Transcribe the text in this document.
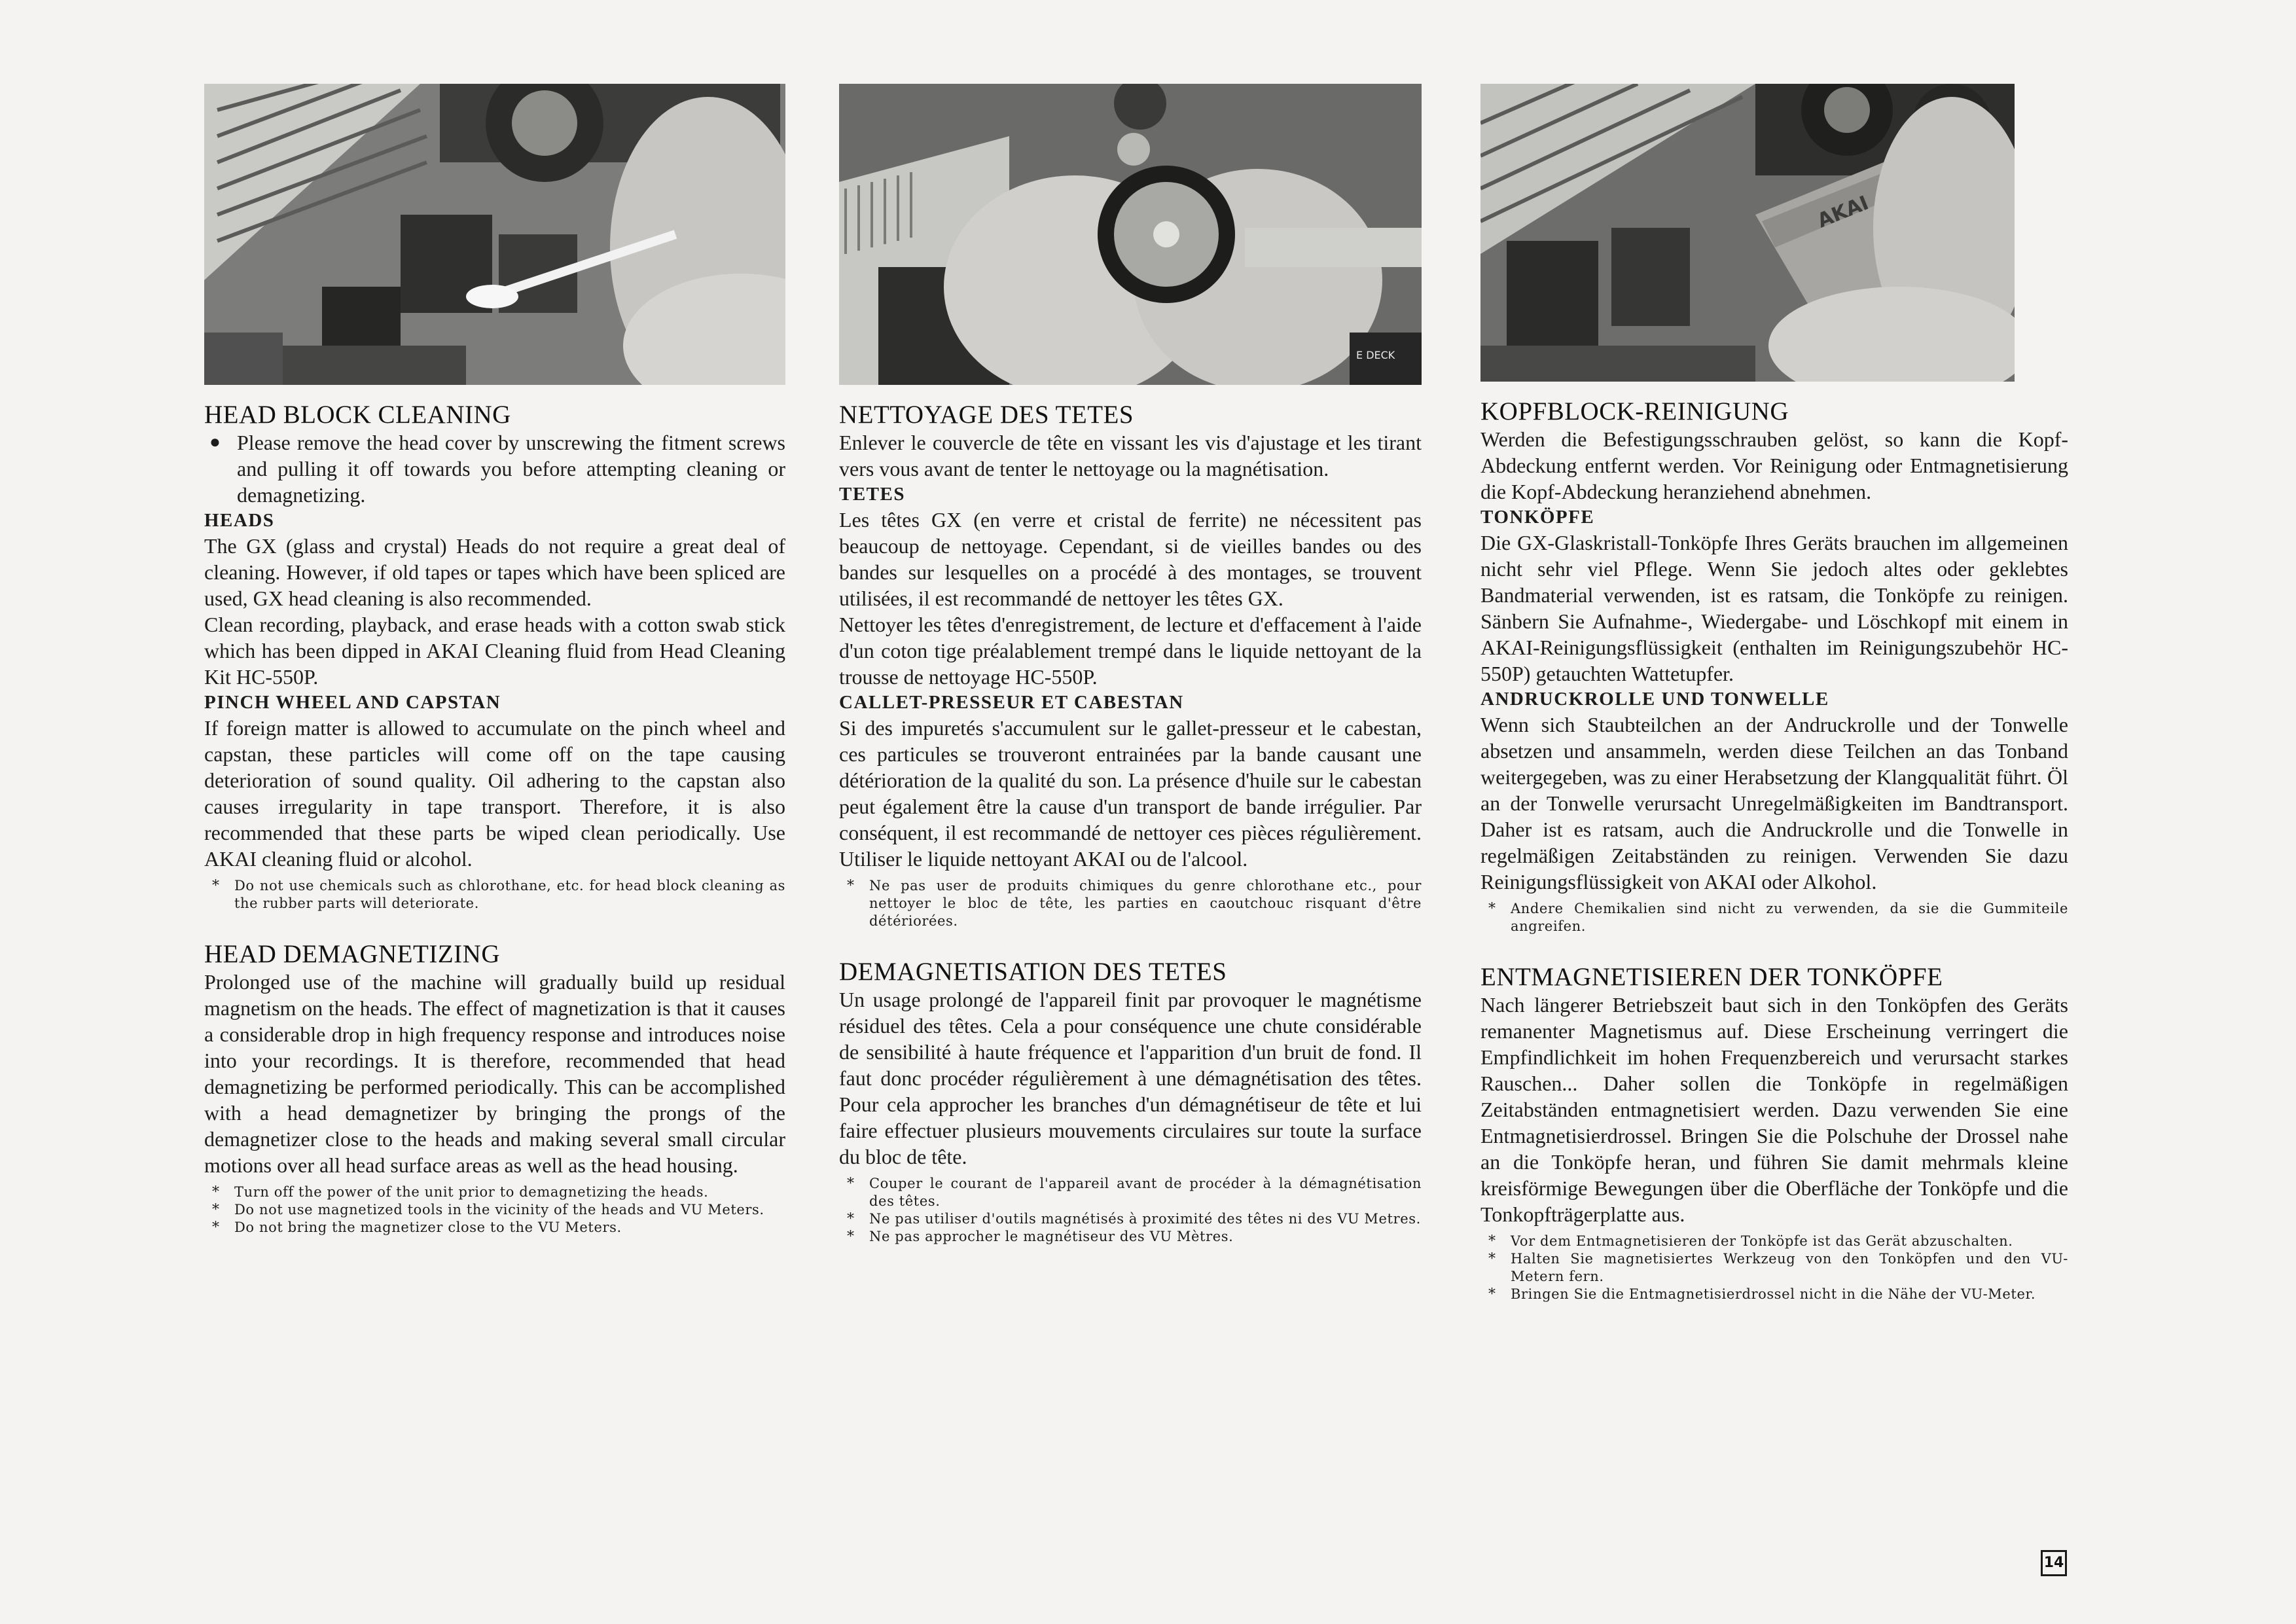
HEAD BLOCK CLEANING
● Please remove the head cover by unscrewing the fitment screws and pulling it off towards you before attempting cleaning or demagnetizing.
HEADS

The GX (glass and crystal) Heads do not require a great deal of cleaning. However, if old tapes or tapes which have been spliced are used, GX head cleaning is also recommended.

Clean recording, playback, and erase heads with a cotton swab stick which has been dipped in AKAI Cleaning fluid from Head Cleaning Kit HC-550P.

PINCH WHEEL AND CAPSTAN

If foreign matter is allowed to accumulate on the pinch wheel and capstan, these particles will come off on the tape causing deterioration of sound quality. Oil adhering to the capstan also causes irregularity in tape transport. Therefore, it is also recommended that these parts be wiped clean periodically. Use AKAI cleaning fluid or alcohol.

* Do not use chemicals such as chlorothane, etc. for head block cleaning as the rubber parts will deteriorate.
HEAD DEMAGNETIZING

Prolonged use of the machine will gradually build up residual magnetism on the heads. The effect of magnetization is that it causes a considerable drop in high frequency response and introduces noise into your recordings. It is therefore, recommended that head demagnetizing be performed periodically. This can be accomplished with a head demagnetizer by bringing the prongs of the demagnetizer close to the heads and making several small circular motions over all head surface areas as well as the head housing.

* Turn off the power of the unit prior to demagnetizing the heads.
* Do not use magnetized tools in the vicinity of the heads and VU Meters.
* Do not bring the magnetizer close to the VU Meters.
E DECK
NETTOYAGE DES TETES

Enlever le couvercle de tête en vissant les vis d'ajustage et les tirant vers vous avant de tenter le nettoyage ou la magnétisation.

TETES

Les têtes GX (en verre et cristal de ferrite) ne nécessitent pas beaucoup de nettoyage. Cependant, si de vieilles bandes ou des bandes sur lesquelles on a procédé à des montages, se trouvent utilisées, il est recommandé de nettoyer les têtes GX.

Nettoyer les têtes d'enregistrement, de lecture et d'effacement à l'aide d'un coton tige préalablement trempé dans le liquide nettoyant de la trousse de nettoyage HC-550P.

CALLET-PRESSEUR ET CABESTAN

Si des impuretés s'accumulent sur le gallet-presseur et le cabestan, ces particules se trouveront entrainées par la bande causant une détérioration de la qualité du son. La présence d'huile sur le cabestan peut également être la cause d'un transport de bande irrégulier. Par conséquent, il est recommandé de nettoyer ces pièces régulièrement. Utiliser le liquide nettoyant AKAI ou de l'alcool.

* Ne pas user de produits chimiques du genre chlorothane etc., pour nettoyer le bloc de tête, les parties en caoutchouc risquant d'être détériorées.
DEMAGNETISATION DES TETES

Un usage prolongé de l'appareil finit par provoquer le magnétisme résiduel des têtes. Cela a pour conséquence une chute considérable de sensibilité à haute fréquence et l'apparition d'un bruit de fond. Il faut donc procéder régulièrement à une démagnétisation des têtes. Pour cela approcher les branches d'un démagnétiseur de tête et lui faire effectuer plusieurs mouvements circulaires sur toute la surface du bloc de tête.

* Couper le courant de l'appareil avant de procéder à la démagnétisation des têtes.
* Ne pas utiliser d'outils magnétisés à proximité des têtes ni des VU Metres.
* Ne pas approcher le magnétiseur des VU Mètres.
AKAI
KOPFBLOCK-REINIGUNG

Werden die Befestigungsschrauben gelöst, so kann die Kopf-Abdeckung entfernt werden. Vor Reinigung oder Entmagnetisierung die Kopf-Abdeckung heranziehend abnehmen.

TONKÖPFE

Die GX-Glaskristall-Tonköpfe Ihres Geräts brauchen im allgemeinen nicht sehr viel Pflege. Wenn Sie jedoch altes oder geklebtes Bandmaterial verwenden, ist es ratsam, die Tonköpfe zu reinigen. Sänbern Sie Aufnahme-, Wiedergabe- und Löschkopf mit einem in AKAI-Reinigungsflüssigkeit (enthalten im Reinigungszubehör HC-550P) getauchten Wattetupfer.

ANDRUCKROLLE UND TONWELLE

Wenn sich Staubteilchen an der Andruckrolle und der Tonwelle absetzen und ansammeln, werden diese Teilchen an das Tonband weitergegeben, was zu einer Herabsetzung der Klangqualität führt. Öl an der Tonwelle verursacht Unregelmäßigkeiten im Bandtransport. Daher ist es ratsam, auch die Andruckrolle und die Tonwelle in regelmäßigen Zeitabständen zu reinigen. Verwenden Sie dazu Reinigungsflüssigkeit von AKAI oder Alkohol.

* Andere Chemikalien sind nicht zu verwenden, da sie die Gummiteile angreifen.
ENTMAGNETISIEREN DER TONKÖPFE

Nach längerer Betriebszeit baut sich in den Tonköpfen des Geräts remanenter Magnetismus auf. Diese Erscheinung verringert die Empfindlichkeit im hohen Frequenzbereich und verursacht starkes Rauschen... Daher sollen die Tonköpfe in regelmäßigen Zeitabständen entmagnetisiert werden. Dazu verwenden Sie eine Entmagnetisierdrossel. Bringen Sie die Polschuhe der Drossel nahe an die Tonköpfe heran, und führen Sie damit mehrmals kleine kreisförmige Bewegungen über die Oberfläche der Tonköpfe und die Tonkopfträgerplatte aus.

* Vor dem Entmagnetisieren der Tonköpfe ist das Gerät abzuschalten.
* Halten Sie magnetisiertes Werkzeug von den Tonköpfen und den VU-Metern fern.
* Bringen Sie die Entmagnetisierdrossel nicht in die Nähe der VU-Meter.
14
